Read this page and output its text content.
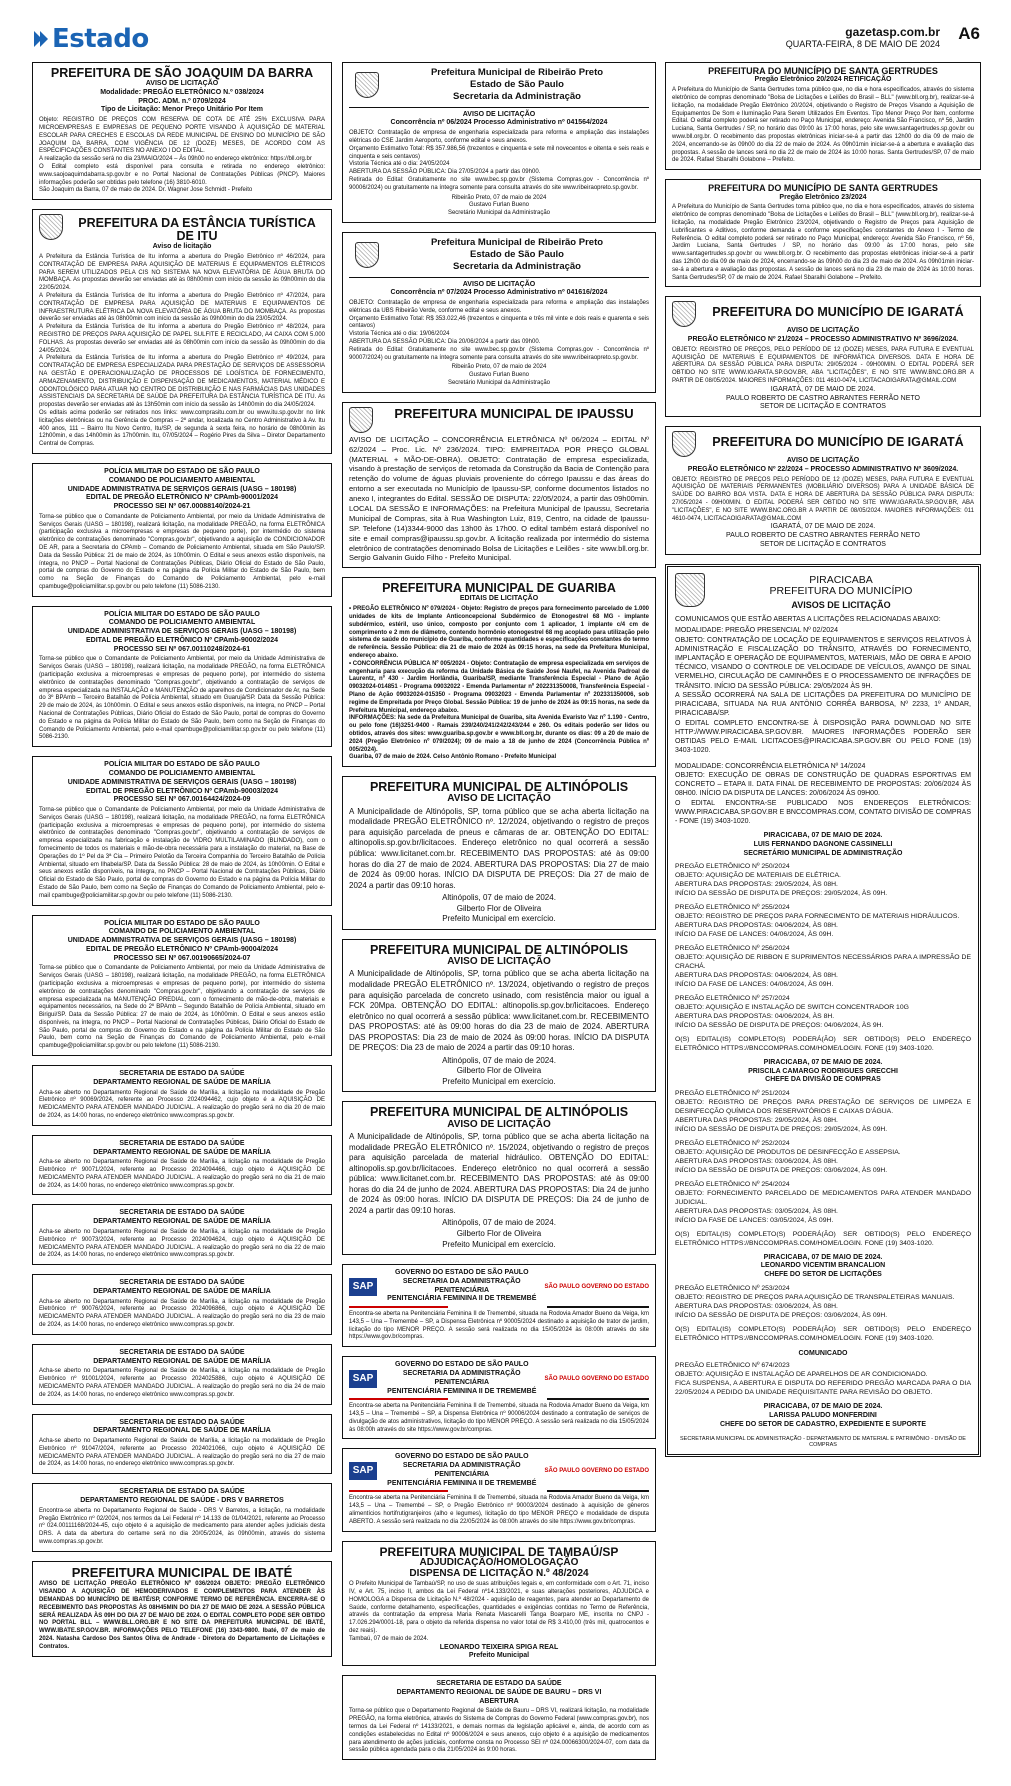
Estado	gazetasp.com.br
QUARTA-FEIRA, 8 DE MAIO DE 2024
A6
PREFEITURA DE SÃO JOAQUIM DA BARRA
AVISO DE LICITAÇÃO
Modalidade: PREGÃO ELETRÔNICO N.º 038/2024
PROC. ADM. n.º 0709/2024
Tipo de Licitação: Menor Preço Unitário Por Item
Objeto: REGISTRO DE PREÇOS COM RESERVA DE COTA DE ATÉ 25% EXCLUSIVA PARA MICROEMPRESAS E EMPRESAS DE PEQUENO PORTE VISANDO À AQUISIÇÃO DE MATERIAL ESCOLAR PARA CRECHES E ESCOLAS DA REDE MUNICIPAL DE ENSINO DO MUNICÍPIO DE SÃO JOAQUIM DA BARRA, COM VIGÊNCIA DE 12 (DOZE) MESES, DE ACORDO COM AS ESPECIFICAÇÕES CONSTANTES NO ANEXO I DO EDITAL.
A realização da sessão será no dia 23/MAIO/2024 – Às 09h00 no endereço eletrônico: https://bll.org.br
O Edital completo está disponível para consulta e retirada no endereço eletrônico: www.saojoaquimdabarra.sp.gov.br e no Portal Nacional de Contratações Públicas (PNCP). Maiores informações poderão ser obtidas pelo telefone (16) 3810-6010.
São Joaquim da Barra, 07 de maio de 2024. Dr. Wagner Jose Schmidt - Prefeito
PREFEITURA DA ESTÂNCIA TURÍSTICA DE ITU
Aviso de licitação
A Prefeitura da Estância Turística de Itu informa a abertura do Pregão Eletrônico nº 46/2024, para CONTRATAÇÃO DE EMPRESA PARA AQUISIÇÃO DE MATERIAIS E EQUIPAMENTOS ELÉTRICOS PARA SEREM UTILIZADOS PELA CIS NO SISTEMA NA NOVA ELEVATÓRIA DE ÁGUA BRUTA DO MOMBAÇA. As propostas deverão ser enviadas até às 08h00min com início da sessão às 09h00min do dia 22/05/2024.
A Prefeitura da Estância Turística de Itu informa a abertura do Pregão Eletrônico nº 47/2024, para CONTRATAÇÃO DE EMPRESA PARA AQUISIÇÃO DE MATERIAIS E EQUIPAMENTOS DE INFRAESTRUTURA ELÉTRICA DA NOVA ELEVATÓRIA DE ÁGUA BRUTA DO MOMBAÇA. As propostas deverão ser enviadas até às 08h00min com início da sessão às 09h00min do dia 23/05/2024.
A Prefeitura da Estância Turística de Itu informa a abertura do Pregão Eletrônico nº 48/2024, para REGISTRO DE PREÇOS PARA AQUISIÇÃO DE PAPEL SULFITE E RECICLADO, A4 CAIXA COM 5.000 FOLHAS. As propostas deverão ser enviadas até às 08h00min com início da sessão às 09h00min do dia 24/05/2024.
A Prefeitura da Estância Turística de Itu informa a abertura do Pregão Eletrônico nº 49/2024, para CONTRATAÇÃO DE EMPRESA ESPECIALIZADA PARA PRESTAÇÃO DE SERVIÇOS DE ASSESSORIA NA GESTÃO E OPERACIONALIZAÇÃO DE PROCESSOS DE LOGÍSTICA DE FORNECIMENTO, ARMAZENAMENTO, DISTRIBUIÇÃO E DISPENSAÇÃO DE MEDICAMENTOS, MATERIAL MÉDICO E ODONTOLÓGICO PARA ATUAR NO CENTRO DE DISTRIBUIÇÃO E NAS FARMÁCIAS DAS UNIDADES ASSISTENCIAIS DA SECRETARIA DE SAÚDE DA PREFEITURA DA ESTÂNCIA TURÍSTICA DE ITU. As propostas deverão ser enviadas até às 13h50min com início da sessão às 14h00min do dia 24/05/2024.
Os editais acima poderão ser retirados nos links: www.comprasitu.com.br ou www.itu.sp.gov.br no link licitações eletrônicas ou na Gerência de Compras – 2º andar, localizada no Centro Administrativo à Av. Itu 400 anos, 111 – Bairro Itu Novo Centro, Itu/SP, de segunda à sexta feira, no horário de 08h00min às 12h00min, e das 14h00min às 17h00min. Itu, 07/05/2024 – Rogério Pires da Silva – Diretor Departamento Central de Compras.
POLÍCIA MILITAR DO ESTADO DE SÃO PAULO
COMANDO DE POLICIAMENTO AMBIENTAL
UNIDADE ADMINISTRATIVA DE SERVIÇOS GERAIS (UASG – 180198)
EDITAL DE PREGÃO ELETRÔNICO Nº CPAmb-90001/2024
PROCESSO SEI Nº 067.00088140/2024-21
Torna-se público que o Comandante de Policiamento Ambiental, por meio da Unidade Administrativa de Serviços Gerais (UASG – 180198), realizará licitação, na modalidade PREGÃO, na forma ELETRÔNICA (participação exclusiva a microempresas e empresas de pequeno porte), por intermédio do sistema eletrônico de contratações denominado "Compras.gov.br", objetivando a aquisição de CONDICIONADOR DE AR, para a Secretaria do CPAmb – Comando de Policiamento Ambiental, situada em São Paulo/SP. Data da Sessão Pública: 21 de maio de 2024, às 10h00min. O Edital e seus anexos estão disponíveis, na íntegra, no PNCP – Portal Nacional de Contratações Públicas, Diário Oficial do Estado de São Paulo, portal de compras do Governo do Estado e na página da Polícia Militar do Estado de São Paulo, bem como na Seção de Finanças do Comando de Policiamento Ambiental, pelo e-mail cpambuge@policiamilitar.sp.gov.br ou pelo telefone (11) 5086-2130.
POLÍCIA MILITAR DO ESTADO DE SÃO PAULO
COMANDO DE POLICIAMENTO AMBIENTAL
UNIDADE ADMINISTRATIVA DE SERVIÇOS GERAIS (UASG – 180198)
EDITAL DE PREGÃO ELETRÔNICO Nº CPAmb-90002/2024
PROCESSO SEI Nº 067.00110248/2024-61
Torna-se público que o Comandante de Policiamento Ambiental, por meio da Unidade Administrativa de Serviços Gerais (UASG – 180198), realizará licitação, na modalidade PREGÃO, na forma ELETRÔNICA (participação exclusiva a microempresas e empresas de pequeno porte), por intermédio do sistema eletrônico de contratações denominado "Compras.gov.br", objetivando a contratação de serviços de empresa especializada na INSTALAÇÃO e MANUTENÇÃO de aparelhos de Condicionador de Ar, na Sede do 3º BPAmb – Terceiro Batalhão de Polícia Ambiental, situado em Guarujá/SP. Data da Sessão Pública: 29 de maio de 2024, às 10h00min. O Edital e seus anexos estão disponíveis, na íntegra, no PNCP – Portal Nacional de Contratações Públicas, Diário Oficial do Estado de São Paulo, portal de compras do Governo do Estado e na página da Polícia Militar do Estado de São Paulo, bem como na Seção de Finanças do Comando de Policiamento Ambiental, pelo e-mail cpambuge@policiamilitar.sp.gov.br ou pelo telefone (11) 5086-2130.
POLÍCIA MILITAR DO ESTADO DE SÃO PAULO
COMANDO DE POLICIAMENTO AMBIENTAL
UNIDADE ADMINISTRATIVA DE SERVIÇOS GERAIS (UASG – 180198)
EDITAL DE PREGÃO ELETRÔNICO Nº CPAmb-90003/2024
PROCESSO SEI Nº 067.00164424/2024-09
Torna-se público que o Comandante de Policiamento Ambiental, por meio da Unidade Administrativa de Serviços Gerais (UASG – 180198), realizará licitação, na modalidade PREGÃO, na forma ELETRÔNICA (participação exclusiva a microempresas e empresas de pequeno porte), por intermédio do sistema eletrônico de contratações denominado "Compras.gov.br", objetivando a contratação de serviços de empresa especializada na fabricação e instalação de VIDRO MULTILAMINADO (BLINDADO), com o fornecimento de todos os materiais e mão-de-obra necessária para a instalação do material, na Base de Operações do 1º Pel da 3ª Cia – Primeiro Pelotão da Terceira Companhia do Terceiro Batalhão de Polícia Ambiental, situado em Ilhabela/SP. Data da Sessão Pública: 28 de maio de 2024, às 10h00min. O Edital e seus anexos estão disponíveis, na íntegra, no PNCP – Portal Nacional de Contratações Públicas, Diário Oficial do Estado de São Paulo, portal de compras do Governo do Estado e na página da Polícia Militar do Estado de São Paulo, bem como na Seção de Finanças do Comando de Policiamento Ambiental, pelo e-mail cpambuge@policiamilitar.sp.gov.br ou pelo telefone (11) 5086-2130.
POLÍCIA MILITAR DO ESTADO DE SÃO PAULO
COMANDO DE POLICIAMENTO AMBIENTAL
UNIDADE ADMINISTRATIVA DE SERVIÇOS GERAIS (UASG – 180198)
EDITAL DE PREGÃO ELETRÔNICO Nº CPAmb-90004/2024
PROCESSO SEI Nº 067.00190665/2024-07
Torna-se público que o Comandante de Policiamento Ambiental, por meio da Unidade Administrativa de Serviços Gerais (UASG – 180198), realizará licitação, na modalidade PREGÃO, na forma ELETRÔNICA (participação exclusiva a microempresas e empresas de pequeno porte), por intermédio do sistema eletrônico de contratações denominado "Compras.gov.br", objetivando a contratação de serviços de empresa especializada na MANUTENÇÃO PREDIAL, com o fornecimento de mão-de-obra, materiais e equipamentos necessários, na Sede do 2º BPAmb – Segundo Batalhão de Polícia Ambiental, situado em Birigui/SP. Data da Sessão Pública: 27 de maio de 2024, às 10h00min. O Edital e seus anexos estão disponíveis, na íntegra, no PNCP – Portal Nacional de Contratações Públicas, Diário Oficial do Estado de São Paulo, portal de compras do Governo do Estado e na página da Polícia Militar do Estado de São Paulo, bem como na Seção de Finanças do Comando de Policiamento Ambiental, pelo e-mail cpambuge@policiamilitar.sp.gov.br ou pelo telefone (11) 5086-2130.
SECRETARIA DE ESTADO DA SAÚDE
DEPARTAMENTO REGIONAL DE SAÚDE DE MARÍLIA
Acha-se aberto no Departamento Regional de Saúde de Marília, a licitação na modalidade de Pregão Eletrônico nº 90069/2024, referente ao Processo 2024094462, cujo objeto é a AQUISIÇÃO DE MEDICAMENTO PARA ATENDER MANDADO JUDICIAL. A realização do pregão será no dia 20 de maio de 2024, as 14:00 horas, no endereço eletrônico www.compras.sp.gov.br.
SECRETARIA DE ESTADO DA SAÚDE
DEPARTAMENTO REGIONAL DE SAÚDE DE MARÍLIA
Acha-se aberto no Departamento Regional de Saúde de Marília, a licitação na modalidade de Pregão Eletrônico nº 90071/2024, referente ao Processo 2024094466, cujo objeto é AQUISIÇÃO DE MEDICAMENTO PARA ATENDER MANDADO JUDICIAL. A realização do pregão será no dia 21 de maio de 2024, as 14:00 horas, no endereço eletrônico www.compras.sp.gov.br.
SECRETARIA DE ESTADO DA SAÚDE
DEPARTAMENTO REGIONAL DE SAÚDE DE MARÍLIA
Acha-se aberto no Departamento Regional de Saúde de Marília, a licitação na modalidade de Pregão Eletrônico nº 90073/2024, referente ao Processo 2024094624, cujo objeto é AQUISIÇÃO DE MEDICAMENTO PARA ATENDER MANDADO JUDICIAL. A realização do pregão será no dia 22 de maio de 2024, as 14:00 horas, no endereço eletrônico www.compras.sp.gov.br.
SECRETARIA DE ESTADO DA SAÚDE
DEPARTAMENTO REGIONAL DE SAÚDE DE MARÍLIA
Acha-se aberto no Departamento Regional de Saúde de Marília, a licitação na modalidade de Pregão Eletrônico nº 90076/2024, referente ao Processo 2024096866, cujo objeto é AQUISIÇÃO DE MEDICAMENTO PARA ATENDER MANDADO JUDICIAL. A realização do pregão será no dia 23 de maio de 2024, as 14:00 horas, no endereço eletrônico www.compras.sp.gov.br.
SECRETARIA DE ESTADO DA SAÚDE
DEPARTAMENTO REGIONAL DE SAÚDE DE MARÍLIA
Acha-se aberto no Departamento Regional de Saúde de Marília, a licitação na modalidade de Pregão Eletrônico nº 91001/2024, referente ao Processo 2024025886, cujo objeto é AQUISIÇÃO DE MEDICAMENTO PARA ATENDER MANDADO JUDICIAL. A realização do pregão será no dia 24 de maio de 2024, as 14:00 horas, no endereço eletrônico www.compras.sp.gov.br.
SECRETARIA DE ESTADO DA SAÚDE
DEPARTAMENTO REGIONAL DE SAÚDE DE MARÍLIA
Acha-se aberto no Departamento Regional de Saúde de Marília, a licitação na modalidade de Pregão Eletrônico nº 91047/2024, referente ao Processo 2024021066, cujo objeto é AQUISIÇÃO DE MEDICAMENTO PARA ATENDER MANDADO JUDICIAL. A realização do pregão será no dia 27 de maio de 2024, as 14:00 horas, no endereço eletrônico www.compras.sp.gov.br.
SECRETARIA DE ESTADO DA SAÚDE
DEPARTAMENTO REGIONAL DE SAÚDE - DRS V BARRETOS
Encontra-se aberta no Departamento Regional de Saúde - DRS V Barretos, a licitação, na modalidade Pregão Eletrônico nº 02/2024, nos termos da Lei Federal nº 14.133 de 01/04/2021, referente ao Processo nº 024.00111168/2024-45, cujo objeto é a aquisição de medicamento para atender ações judiciais desta DRS. A data da abertura do certame será no dia 20/05/2024, às 09h00min, através do sistema www.compras.sp.gov.br.
PREFEITURA MUNICIPAL DE IBATÉ
AVISO DE LICITAÇÃO PREGÃO ELETRÔNICO Nº 036/2024 OBJETO: PREGÃO ELETRÔNICO VISANDO A AQUISIÇÃO DE HEMODERIVADOS E COMPLEMENTOS PARA ATENDER ÀS DEMANDAS DO MUNICÍPIO DE IBATÉ/SP, CONFORME TERMO DE REFERÊNCIA. ENCERRA-SE O RECEBIMENTO DAS PROPOSTAS ÀS 08H45MIN DO DIA 27 DE MAIO DE 2024. A SESSÃO PÚBLICA SERÁ REALIZADA ÀS 09H DO DIA 27 DE MAIO DE 2024. O EDITAL COMPLETO PODE SER OBTIDO NO PORTAL BLL – WWW.BLL.ORG.BR E NO SITE DA PREFEITURA MUNICIPAL DE IBATÉ, WWW.IBATE.SP.GOV.BR. INFORMAÇÕES PELO TELEFONE (16) 3343-9800. Ibaté, 07 de maio de 2024. Natasha Cardoso Dos Santos Oliva de Andrade - Diretora do Departamento de Licitações e Contratos.
Prefeitura Municipal de Ribeirão Preto
Estado de São Paulo
Secretaria da Administração
AVISO DE LICITAÇÃO
Concorrência nº 06/2024 Processo Administrativo nº 041564/2024
OBJETO: Contratação de empresa de engenharia especializada para reforma e ampliação das instalações elétricas do CSE Jardim Aeroporto, conforme edital e seus anexos.
Orçamento Estimativo Total: R$ 357.986,56 (trezentos e cinquenta e sete mil novecentos e oitenta e seis reais e cinquenta e seis centavos)
Vistoria Técnica até o dia: 24/05/2024
ABERTURA DA SESSÃO PÚBLICA: Dia 27/05/2024 a partir das 09h00.
Retirada do Edital: Gratuitamente no site www.bec.sp.gov.br (Sistema Compras.gov - Concorrência nº 90006/2024) ou gratuitamente na íntegra somente para consulta através do site www.ribeiraopreto.sp.gov.br.
Ribeirão Preto, 07 de maio de 2024
Gustavo Furlan Bueno
Secretário Municipal da Administração
Prefeitura Municipal de Ribeirão Preto
Estado de São Paulo
Secretaria da Administração
AVISO DE LICITAÇÃO
Concorrência nº 07/2024 Processo Administrativo nº 041616/2024
OBJETO: Contratação de empresa de engenharia especializada para reforma e ampliação das instalações elétricas da UBS Ribeirão Verde, conforme edital e seus anexos.
Orçamento Estimativo Total: R$ 353.022,46 (trezentos e cinquenta e três mil vinte e dois reais e quarenta e seis centavos)
Vistoria Técnica até o dia: 19/06/2024
ABERTURA DA SESSÃO PÚBLICA: Dia 20/06/2024 a partir das 09h00.
Retirada do Edital: Gratuitamente no site www.bec.sp.gov.br (Sistema Compras.gov - Concorrência nº 90007/2024) ou gratuitamente na íntegra somente para consulta através do site www.ribeiraopreto.sp.gov.br.
Ribeirão Preto, 07 de maio de 2024
Gustavo Furlan Bueno
Secretário Municipal da Administração
PREFEITURA MUNICIPAL DE IPAUSSU
AVISO DE LICITAÇÃO – CONCORRÊNCIA ELETRÔNICA Nº 06/2024 – EDITAL Nº 62/2024 – Proc. Lic. Nº 236/2024. TIPO: EMPREITADA POR PREÇO GLOBAL (MATERIAL + MÃO-DE-OBRA). OBJETO: Contratação de empresa especializada, visando à prestação de serviços de retomada da Construção da Bacia de Contenção para retenção do volume de águas pluviais proveniente do córrego Ipaussu e das áreas do entorno a ser executada no Município de Ipaussu-SP, conforme documentos listados no anexo I, integrantes do Edital. SESSÃO DE DISPUTA: 22/05/2024, a partir das 09h00min. LOCAL DA SESSÃO E INFORMAÇÕES: na Prefeitura Municipal de Ipaussu, Secretaria Municipal de Compras, sita à Rua Washington Luiz, 819, Centro, na cidade de Ipaussu-SP. Telefone (14)3344-9000 das 13h00 às 17h00. O edital também estará disponível no site e email compras@ipaussu.sp.gov.br. A licitação realizada por intermédio do sistema eletrônico de contratações denominado Bolsa de Licitações e Leilões - site www.bll.org.br. Sergio Galvanin Guido Filho - Prefeito Municipal.
PREFEITURA MUNICIPAL DE GUARIBA
EDITAIS DE LICITAÇÃO
• PREGÃO ELETRÔNICO Nº 079/2024 - Objeto: Registro de preços para fornecimento parcelado de 1.000 unidades de kits de Implante Anticoncepcional Subdérmico de Etonogestrel 68 MG - implante subdérmico, estéril, uso único, composto por conjunto com 1 aplicador, 1 implante c/4 cm de comprimento e 2 mm de diâmetro, contendo hormônio etonogestrel 68 mg acoplado para utilização pelo sistema de saúde do município de Guariba, conforme quantidades e especificações constantes do termo de referência. Sessão Pública: dia 21 de maio de 2024 às 09:15 horas, na sede da Prefeitura Municipal, endereço abaixo.
• CONCORRÊNCIA PÚBLICA Nº 005/2024 - Objeto: Contratação de empresa especializada em serviços de engenharia para execução da reforma da Unidade Básica de Saúde José Naufel, na Avenida Padroal de Laurentz, nº 430 - Jardim Horlândia, Guariba/SP, mediante Transferência Especial - Plano de Ação 09032024-014851 - Programa 09032022 - Emenda Parlamentar nº 202231350008, Transferência Especial - Plano de Ação 09032024-015350 - Programa 09032023 - Emenda Parlamentar nº 202331350006, sob regime de Empreitada por Preço Global. Sessão Pública: 19 de junho de 2024 às 09:15 horas, na sede da Prefeitura Municipal, endereço abaixo.
INFORMAÇÕES: Na sede da Prefeitura Municipal de Guariba, sita Avenida Evaristo Vaz nº 1.190 - Centro, ou pelo fone (16)3251-9400 - Ramais 239/240/241/242/243/244 e 260. Os editais poderão ser lidos ou obtidos, através dos sites: www.guariba.sp.gov.br e www.bll.org.br, durante os dias: 09 a 20 de maio de 2024 (Pregão Eletrônico nº 079/2024); 09 de maio a 18 de junho de 2024 (Concorrência Pública nº 005/2024).
Guariba, 07 de maio de 2024. Celso Antônio Romano - Prefeito Municipal
PREFEITURA MUNICIPAL DE ALTINÓPOLIS
AVISO DE LICITAÇÃO
A Municipalidade de Altinópolis, SP, torna público que se acha aberta licitação na modalidade PREGÃO ELETRÔNICO nº. 12/2024, objetivando o registro de preços para aquisição parcelada de pneus e câmaras de ar. OBTENÇÃO DO EDITAL: altinopolis.sp.gov.br/licitacoes. Endereço eletrônico no qual ocorrerá a sessão pública: www.licitanet.com.br. RECEBIMENTO DAS PROPOSTAS: até às 09:00 horas do dia 27 de maio de 2024. ABERTURA DAS PROPOSTAS: Dia 27 de maio de 2024 às 09:00 horas. INÍCIO DA DISPUTA DE PREÇOS: Dia 27 de maio de 2024 a partir das 09:10 horas.
Altinópolis, 07 de maio de 2024.
Gilberto Flor de Oliveira
Prefeito Municipal em exercício.
PREFEITURA MUNICIPAL DE ALTINÓPOLIS
AVISO DE LICITAÇÃO
A Municipalidade de Altinópolis, SP, torna público que se acha aberta licitação na modalidade PREGÃO ELETRÔNICO nº. 13/2024, objetivando o registro de preços para aquisição parcelada de concreto usinado, com resistência maior ou igual a FCK 20Mpa. OBTENÇÃO DO EDITAL: altinopolis.sp.gov.br/licitacoes. Endereço eletrônico no qual ocorrerá a sessão pública: www.licitanet.com.br. RECEBIMENTO DAS PROPOSTAS: até às 09:00 horas do dia 23 de maio de 2024. ABERTURA DAS PROPOSTAS: Dia 23 de maio de 2024 às 09:00 horas. INÍCIO DA DISPUTA DE PREÇOS: Dia 23 de maio de 2024 a partir das 09:10 horas.
Altinópolis, 07 de maio de 2024.
Gilberto Flor de Oliveira
Prefeito Municipal em exercício.
PREFEITURA MUNICIPAL DE ALTINÓPOLIS
AVISO DE LICITAÇÃO
A Municipalidade de Altinópolis, SP, torna público que se acha aberta licitação na modalidade PREGÃO ELETRÔNICO nº. 15/2024, objetivando o registro de preços para aquisição parcelada de material hidráulico. OBTENÇÃO DO EDITAL: altinopolis.sp.gov.br/licitacoes. Endereço eletrônico no qual ocorrerá a sessão pública: www.licitanet.com.br. RECEBIMENTO DAS PROPOSTAS: até às 09:00 horas do dia 24 de junho de 2024. ABERTURA DAS PROPOSTAS: Dia 24 de junho de 2024 às 09:00 horas. INÍCIO DA DISPUTA DE PREÇOS: Dia 24 de junho de 2024 a partir das 09:10 horas.
Altinópolis, 07 de maio de 2024.
Gilberto Flor de Oliveira
Prefeito Municipal em exercício.
SAP
GOVERNO DO ESTADO DE SÃO PAULO
SECRETARIA DA ADMINISTRAÇÃO PENITENCIÁRIA
PENITENCIÁRIA FEMININA II DE TREMEMBÉ
SÃO PAULO GOVERNO DO ESTADO
Encontra-se aberta na Penitenciária Feminina II de Tremembé, situada na Rodovia Amador Bueno da Veiga, km 143,5 – Una – Tremembé – SP, a Dispensa Eletrônica nº 90005/2024 destinado a aquisição de trator de jardim, licitação do tipo MENOR PREÇO. A sessão será realizada no dia 15/05/2024 às 08:00h através do site https://www.gov.br/compras.
SAP
GOVERNO DO ESTADO DE SÃO PAULO
SECRETARIA DA ADMINISTRAÇÃO PENITENCIÁRIA
PENITENCIÁRIA FEMININA II DE TREMEMBÉ
SÃO PAULO GOVERNO DO ESTADO
Encontra-se aberta na Penitenciária Feminina II de Tremembé, situada na Rodovia Amador Bueno da Veiga, km 143,5 – Una – Tremembé – SP, a Dispensa Eletrônica nº 90006/2024 destinado a contratação de serviços de divulgação de atos administrativos, licitação do tipo MENOR PREÇO. A sessão será realizada no dia 15/05/2024 às 08:00h através do site https://www.gov.br/compras.
SAP
GOVERNO DO ESTADO DE SÃO PAULO
SECRETARIA DA ADMINISTRAÇÃO PENITENCIÁRIA
PENITENCIÁRIA FEMININA II DE TREMEMBÉ
SÃO PAULO GOVERNO DO ESTADO
Encontra-se aberta na Penitenciária Feminina II de Tremembé, situada na Rodovia Amador Bueno da Veiga, km 143,5 – Una – Tremembé – SP, o Pregão Eletrônico nº 90003/2024 destinado à aquisição de gêneros alimentícios hortifrutigranjeiros (alho e legumes), licitação do tipo MENOR PREÇO e modalidade de disputa ABERTO. A sessão será realizada no dia 22/05/2024 às 08:00h através do site https://www.gov.br/compras.
PREFEITURA MUNICIPAL DE TAMBAÚ/SP
ADJUDICAÇÃO/HOMOLOGAÇÃO
DISPENSA DE LICITAÇÃO N.º 48/2024
O Prefeito Municipal de Tambaú/SP, no uso de suas atribuições legais e, em conformidade com o Art. 71, inciso IV, e Art. 75, inciso II, ambos da Lei Federal nº14.133/2021, e suas alterações posteriores, ADJUDICA e HOMOLOGA a Dispensa de Licitação N.º 48/2024 - aquisição de reagentes, para atender ao Departamento de Saúde, conforme detalhamento, especificações, quantidades e exigências contidas no Termo de Referência, através da contratação da empresa Maria Renata Mascarelli Tanga Boarparo ME, inscrita no CNPJ - 17.026.294/0001-18, para o objeto da referida dispensa no valor total de R$ 3.410,00 (três mil, quatrocentos e dez reais).
Tambaú, 07 de maio de 2024.
LEONARDO TEIXEIRA SPIGA REAL
Prefeito Municipal
SECRETARIA DE ESTADO DA SAÚDE
DEPARTAMENTO REGIONAL DE SAÚDE DE BAURU – DRS VI
ABERTURA
Torna-se público que o Departamento Regional de Saúde de Bauru – DRS VI, realizará licitação, na modalidade PREGÃO, na forma eletrônica, através do Sistema de Compras do Governo Federal (www.compras.gov.br), nos termos da Lei Federal nº 14133/2021, e demais normas da legislação aplicável e, ainda, de acordo com as condições estabelecidas no Edital nº 90006/2024 e seus anexos, cujo objeto é a aquisição de medicamentos para atendimento de ações judiciais, conforme consta no Processo SEI nº 024.00066300/2024-07, com data da sessão pública agendada para o dia 21/05/2024 às 9:00 horas.
PREFEITURA DO MUNICÍPIO DE SANTA GERTRUDES
Pregão Eletrônico 20/2024 RETIFICAÇÃO
A Prefeitura do Município de Santa Gertrudes torna público que, no dia e hora especificados, através do sistema eletrônico de compras denominado "Bolsa de Licitações e Leilões do Brasil – BLL" (www.bll.org.br), realizar-se-á licitação, na modalidade Pregão Eletrônico 20/2024, objetivando o Registro de Preços Visando a Aquisição de Equipamentos De Som e Iluminação Para Serem Utilizados Em Eventos. Tipo Menor Preço Por Item, conforme Edital. O edital completo poderá ser retirado no Paço Municipal, endereço: Avenida São Francisco, nº 56, Jardim Luciana, Santa Gertrudes / SP, no horário das 09:00 às 17:00 horas, pelo site www.santagertrudes.sp.gov.br ou www.bll.org.br. O recebimento das propostas eletrônicas iniciar-se-á a partir das 12h00 do dia 09 de maio de 2024, encerrando-se às 09h00 do dia 22 de maio de 2024. As 09h01min iniciar-se-á a abertura e avaliação das propostas. A sessão de lances será no dia 22 de maio de 2024 às 10:00 horas. Santa Gertrudes/SP, 07 de maio de 2024. Rafael Sbaralhi Golabone – Prefeito.
PREFEITURA DO MUNICÍPIO DE SANTA GERTRUDES
Pregão Eletrônico 23/2024
A Prefeitura do Município de Santa Gertrudes torna público que, no dia e hora especificados, através do sistema eletrônico de compras denominado "Bolsa de Licitações e Leilões do Brasil – BLL" (www.bll.org.br), realizar-se-á licitação, na modalidade Pregão Eletrônico 23/2024, objetivando o Registro de Preços para Aquisição de Lubrificantes e Aditivos, conforme demanda e conforme especificações constantes do Anexo I - Termo de Referência. O edital completo poderá ser retirado no Paço Municipal, endereço: Avenida São Francisco, nº 56, Jardim Luciana, Santa Gertrudes / SP, no horário das 09:00 às 17:00 horas, pelo site www.santagertrudes.sp.gov.br ou www.bll.org.br. O recebimento das propostas eletrônicas iniciar-se-á a partir das 12h00 do dia 09 de maio de 2024, encerrando-se às 09h00 do dia 23 de maio de 2024. As 09h01min iniciar-se-á a abertura e avaliação das propostas. A sessão de lances será no dia 23 de maio de 2024 às 10:00 horas. Santa Gertrudes/SP, 07 de maio de 2024. Rafael Sbaralhi Golabone – Prefeito.
PREFEITURA DO MUNICÍPIO DE IGARATÁ
AVISO DE LICITAÇÃO
PREGÃO ELETRÔNICO Nº 21/2024 – PROCESSO ADMINISTRATIVO Nº 3696/2024.
OBJETO: REGISTRO DE PREÇOS, PELO PERÍODO DE 12 (DOZE) MESES, PARA FUTURA E EVENTUAL AQUISIÇÃO DE MATERIAIS E EQUIPAMENTOS DE INFORMÁTICA DIVERSOS. DATA E HORA DE ABERTURA DA SESSÃO PÚBLICA PARA DISPUTA: 29/05/2024 - 09H00MIN. O EDITAL PODERÁ SER OBTIDO NO SITE WWW.IGARATA.SP.GOV.BR, ABA "LICITAÇÕES", E NO SITE WWW.BNC.ORG.BR A PARTIR DE 08/05/2024. MAIORES INFORMAÇÕES: 011 4610-0474, LICITACAOIGARATA@GMAIL.COM
IGARATÁ, 07 DE MAIO DE 2024.
PAULO ROBERTO DE CASTRO ABRANTES FERRÃO NETO
SETOR DE LICITAÇÃO E CONTRATOS
PREFEITURA DO MUNICÍPIO DE IGARATÁ
AVISO DE LICITAÇÃO
PREGÃO ELETRÔNICO Nº 22/2024 – PROCESSO ADMINISTRATIVO Nº 3609/2024.
OBJETO: REGISTRO DE PREÇOS PELO PERÍODO DE 12 (DOZE) MESES, PARA FUTURA E EVENTUAL AQUISIÇÃO DE MATERIAIS PERMANENTES (MOBILIÁRIO DIVERSOS) PARA A UNIDADE BÁSICA DE SAÚDE DO BAIRRO BOA VISTA. DATA E HORA DE ABERTURA DA SESSÃO PÚBLICA PARA DISPUTA: 27/05/2024 - 09H00MIN. O EDITAL PODERÁ SER OBTIDO NO SITE WWW.IGARATA.SP.GOV.BR, ABA "LICITAÇÕES", E NO SITE WWW.BNC.ORG.BR A PARTIR DE 08/05/2024. MAIORES INFORMAÇÕES: 011 4610-0474, LICITACAOIGARATA@GMAIL.COM
IGARATÁ, 07 DE MAIO DE 2024.
PAULO ROBERTO DE CASTRO ABRANTES FERRÃO NETO
SETOR DE LICITAÇÃO E CONTRATOS
PIRACICABA
PREFEITURA DO MUNICÍPIO
AVISOS DE LICITAÇÃO
COMUNICAMOS QUE ESTÃO ABERTAS A LICITAÇÕES RELACIONADAS ABAIXO:
MODALIDADE: PREGÃO PRESENCIAL Nº 02/2024
OBJETO: CONTRATAÇÃO DE LOCAÇÃO DE EQUIPAMENTOS E SERVIÇOS RELATIVOS À ADMINISTRAÇÃO E FISCALIZAÇÃO DO TRÂNSITO, ATRAVÉS DO FORNECIMENTO, IMPLANTAÇÃO E OPERAÇÃO DE EQUIPAMENTOS, MATERIAIS, MÃO DE OBRA E APOIO TÉCNICO, VISANDO O CONTROLE DE VELOCIDADE DE VEÍCULOS, AVANÇO DE SINAL VERMELHO, CIRCULAÇÃO DE CAMINHÕES E O PROCESSAMENTO DE INFRAÇÕES DE TRÂNSITO. INÍCIO DA SESSÃO PÚBLICA: 29/05/2024 ÀS 9H.
A SESSÃO OCORRERÁ NA SALA DE LICITAÇÕES DA PREFEITURA DO MUNICÍPIO DE PIRACICABA, SITUADA NA RUA ANTÔNIO CORRÊA BARBOSA, Nº 2233, 1º ANDAR, PIRACICABA/SP.
O EDITAL COMPLETO ENCONTRA-SE À DISPOSIÇÃO PARA DOWNLOAD NO SITE HTTP://WWW.PIRACICABA.SP.GOV.BR. MAIORES INFORMAÇÕES PODERÃO SER OBTIDAS PELO E-MAIL LICITACOES@PIRACICABA.SP.GOV.BR OU PELO FONE (19) 3403-1020.
MODALIDADE: CONCORRÊNCIA ELETRÔNICA Nº 14/2024
OBJETO: EXECUÇÃO DE OBRAS DE CONSTRUÇÃO DE QUADRAS ESPORTIVAS EM CONCRETO – ETAPA II. DATA FINAL DE RECEBIMENTO DE PROPOSTAS: 20/06/2024 ÀS 08H00. INÍCIO DA DISPUTA DE LANCES: 20/06/2024 ÀS 09H00.
O EDITAL ENCONTRA-SE PUBLICADO NOS ENDEREÇOS ELETRÔNICOS: WWW.PIRACICABA.SP.GOV.BR E BNCCOMPRAS.COM, CONTATO DIVISÃO DE COMPRAS - FONE (19) 3403-1020.
PIRACICABA, 07 DE MAIO DE 2024.
LUIS FERNANDO DAGNONE CASSINELLI
SECRETÁRIO MUNICIPAL DE ADMINISTRAÇÃO
PREGÃO ELETRÔNICO Nº 250/2024
OBJETO: AQUISIÇÃO DE MATERIAIS DE ELÉTRICA.
ABERTURA DAS PROPOSTAS: 29/05/2024, ÀS 08H.
INÍCIO DA SESSÃO DE DISPUTA DE PREÇOS: 29/05/2024, ÀS 09H.
PREGÃO ELETRÔNICO Nº 255/2024
OBJETO: REGISTRO DE PREÇOS PARA FORNECIMENTO DE MATERIAIS HIDRÁULICOS.
ABERTURA DAS PROPOSTAS: 04/06/2024, ÀS 08H.
INÍCIO DA FASE DE LANCES: 04/06/2024, ÀS 09H.
PREGÃO ELETRÔNICO Nº 256/2024
OBJETO: AQUISIÇÃO DE RIBBON E SUPRIMENTOS NECESSÁRIOS PARA A IMPRESSÃO DE CRACHÁ.
ABERTURA DAS PROPOSTAS: 04/06/2024, ÀS 08H.
INÍCIO DA FASE DE LANCES: 04/06/2024, ÀS 09H.
PREGÃO ELETRÔNICO Nº 257/2024
OBJETO: AQUISIÇÃO E INSTALAÇÃO DE SWITCH CONCENTRADOR 10G
ABERTURA DAS PROPOSTAS: 04/06/2024, ÀS 8H.
INÍCIO DA SESSÃO DE DISPUTA DE PREÇOS: 04/06/2024, ÀS 9H.
O(S) EDITAL(IS) COMPLETO(S) PODERÁ(ÃO) SER OBTIDO(S) PELO ENDEREÇO ELETRÔNICO HTTPS://BNCCOMPRAS.COM/HOME/LOGIN. FONE (19) 3403-1020.
PIRACICABA, 07 DE MAIO DE 2024.
PRISCILA CAMARGO RODRIGUES GRECCHI
CHEFE DA DIVISÃO DE COMPRAS
PREGÃO ELETRÔNICO Nº 251/2024
OBJETO: REGISTRO DE PREÇOS PARA PRESTAÇÃO DE SERVIÇOS DE LIMPEZA E DESINFECÇÃO QUÍMICA DOS RESERVATÓRIOS E CAIXAS D'ÁGUA.
ABERTURA DAS PROPOSTAS: 29/05/2024, ÀS 08H.
INÍCIO DA SESSÃO DE DISPUTA DE PREÇOS: 29/05/2024, ÀS 09H.
PREGÃO ELETRÔNICO Nº 252/2024
OBJETO: AQUISIÇÃO DE PRODUTOS DE DESINFECÇÃO E ASSEPSIA.
ABERTURA DAS PROPOSTAS: 03/06/2024, ÀS 08H.
INÍCIO DA SESSÃO DE DISPUTA DE PREÇOS: 03/06/2024, ÀS 09H.
PREGÃO ELETRÔNICO Nº 254/2024
OBJETO: FORNECIMENTO PARCELADO DE MEDICAMENTOS PARA ATENDER MANDADO JUDICIAL.
ABERTURA DAS PROPOSTAS: 03/05/2024, ÀS 08H.
INÍCIO DA FASE DE LANCES: 03/05/2024, ÀS 09H.
O(S) EDITAL(IS) COMPLETO(S) PODERÁ(ÃO) SER OBTIDO(S) PELO ENDEREÇO ELETRÔNICO HTTPS://BNCCOMPRAS.COM/HOME/LOGIN. FONE (19) 3403-1020.
PIRACICABA, 07 DE MAIO DE 2024.
LEONARDO VICENTIM BRANCALION
CHEFE DO SETOR DE LICITAÇÕES
PREGÃO ELETRÔNICO Nº 253/2024
OBJETO: REGISTRO DE PREÇOS PARA AQUISIÇÃO DE TRANSPALETEIRAS MANUAIS.
ABERTURA DAS PROPOSTAS: 03/06/2024, ÀS 08H.
INÍCIO DA SESSÃO DE DISPUTA DE PREÇOS: 03/06/2024, ÀS 09H.
O(S) EDITAL(IS) COMPLETO(S) PODERÁ(ÃO) SER OBTIDO(S) PELO ENDEREÇO ELETRÔNICO HTTPS://BNCCOMPRAS.COM/HOME/LOGIN. FONE (19) 3403-1020.
COMUNICADO
PREGÃO ELETRÔNICO Nº 674/2023
OBJETO: AQUISIÇÃO E INSTALAÇÃO DE APARELHOS DE AR CONDICIONADO.
FICA SUSPENSA, A ABERTURA E DISPUTA DO REFERIDO PREGÃO MARCADA PARA O DIA 22/05/2024 A PEDIDO DA UNIDADE REQUISITANTE PARA REVISÃO DO OBJETO.
PIRACICABA, 07 DE MAIO DE 2024.
LARISSA PALUDO MONFERDINI
CHEFE DO SETOR DE CADASTRO, EXPEDIENTE E SUPORTE
SECRETARIA MUNICIPAL DE ADMINISTRAÇÃO - DEPARTAMENTO DE MATERIAL E PATRIMÔNIO - DIVISÃO DE COMPRAS
